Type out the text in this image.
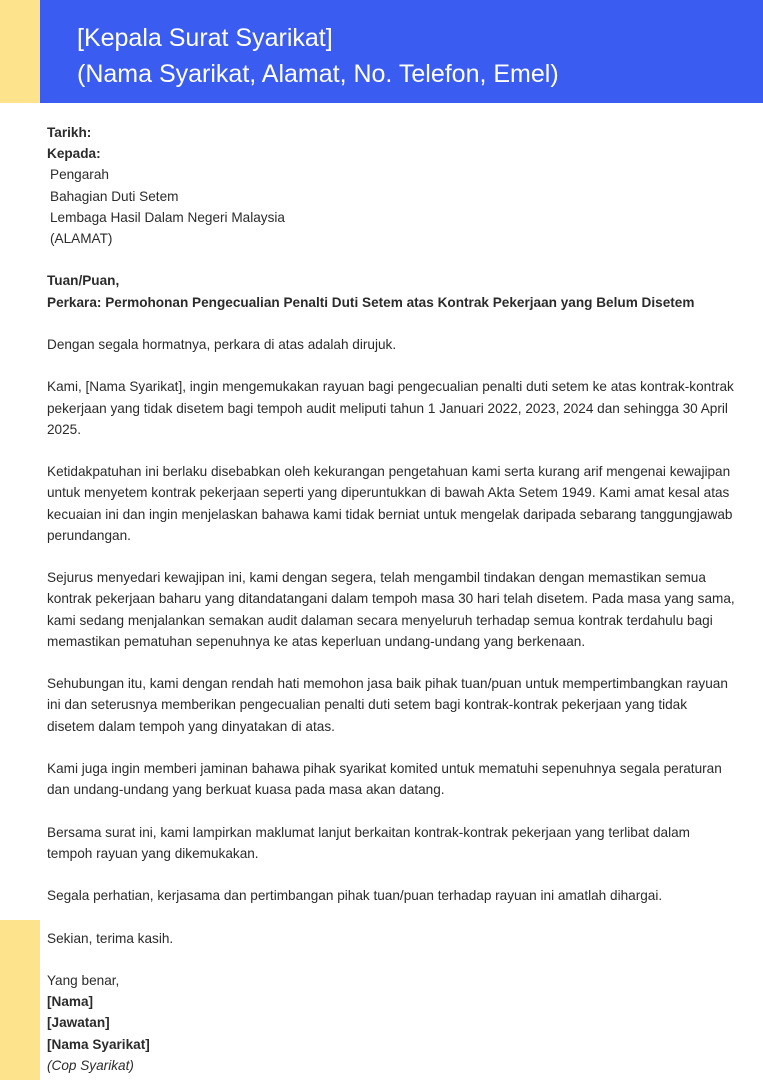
[Kepala Surat Syarikat]
(Nama Syarikat, Alamat, No. Telefon, Emel)

Tarikh:

Kepada:

Pengarah

Bahagian Duti Setem

Lembaga Hasil Dalam Negeri Malaysia

(ALAMAT)

Tuan/Puan,

Perkara: Permohonan Pengecualian Penalti Duti Setem atas Kontrak Pekerjaan yang Belum Disetem

Dengan segala hormatnya, perkara di atas adalah dirujuk.

Kami, [Nama Syarikat], ingin mengemukakan rayuan bagi pengecualian penalti duti setem ke atas kontrak-kontrak pekerjaan yang tidak disetem bagi tempoh audit meliputi tahun 1 Januari 2022, 2023, 2024 dan sehingga 30 April 2025.

Ketidakpatuhan ini berlaku disebabkan oleh kekurangan pengetahuan kami serta kurang arif mengenai kewajipan untuk menyetem kontrak pekerjaan seperti yang diperuntukkan di bawah Akta Setem 1949. Kami amat kesal atas kecuaian ini dan ingin menjelaskan bahawa kami tidak berniat untuk mengelak daripada sebarang tanggungjawab perundangan.

Sejurus menyedari kewajipan ini, kami dengan segera, telah mengambil tindakan dengan memastikan semua kontrak pekerjaan baharu yang ditandatangani dalam tempoh masa 30 hari telah disetem. Pada masa yang sama, kami sedang menjalankan semakan audit dalaman secara menyeluruh terhadap semua kontrak terdahulu bagi memastikan pematuhan sepenuhnya ke atas keperluan undang-undang yang berkenaan.

Sehubungan itu, kami dengan rendah hati memohon jasa baik pihak tuan/puan untuk mempertimbangkan rayuan ini dan seterusnya memberikan pengecualian penalti duti setem bagi kontrak-kontrak pekerjaan yang tidak disetem dalam tempoh yang dinyatakan di atas.

Kami juga ingin memberi jaminan bahawa pihak syarikat komited untuk mematuhi sepenuhnya segala peraturan dan undang-undang yang berkuat kuasa pada masa akan datang.

Bersama surat ini, kami lampirkan maklumat lanjut berkaitan kontrak-kontrak pekerjaan yang terlibat dalam tempoh rayuan yang dikemukakan.

Segala perhatian, kerjasama dan pertimbangan pihak tuan/puan terhadap rayuan ini amatlah dihargai.

Sekian, terima kasih.

Yang benar,

[Nama]

[Jawatan]

[Nama Syarikat]

(Cop Syarikat)
